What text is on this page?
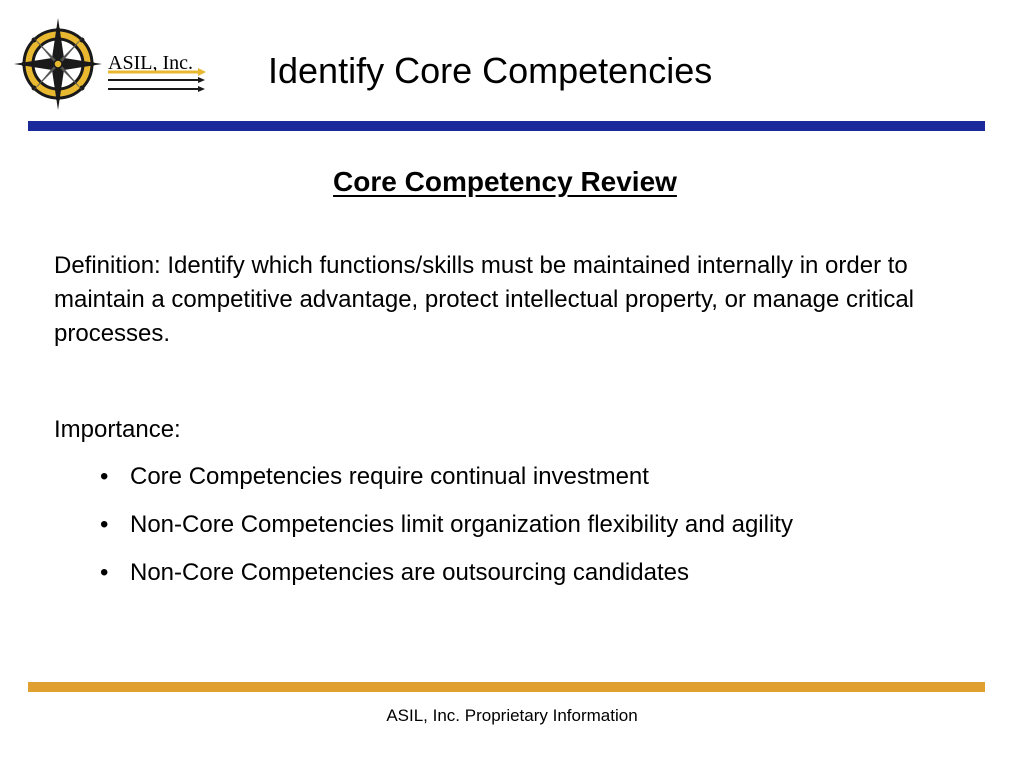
ASIL, Inc. Identify Core Competencies
Core Competency Review

Definition: Identify which functions/skills must be maintained internally in order to maintain a competitive advantage, protect intellectual property, or manage critical processes.

Importance:

• Core Competencies require continual investment
• Non-Core Competencies limit organization flexibility and agility
• Non-Core Competencies are outsourcing candidates
ASIL, Inc. Proprietary Information
